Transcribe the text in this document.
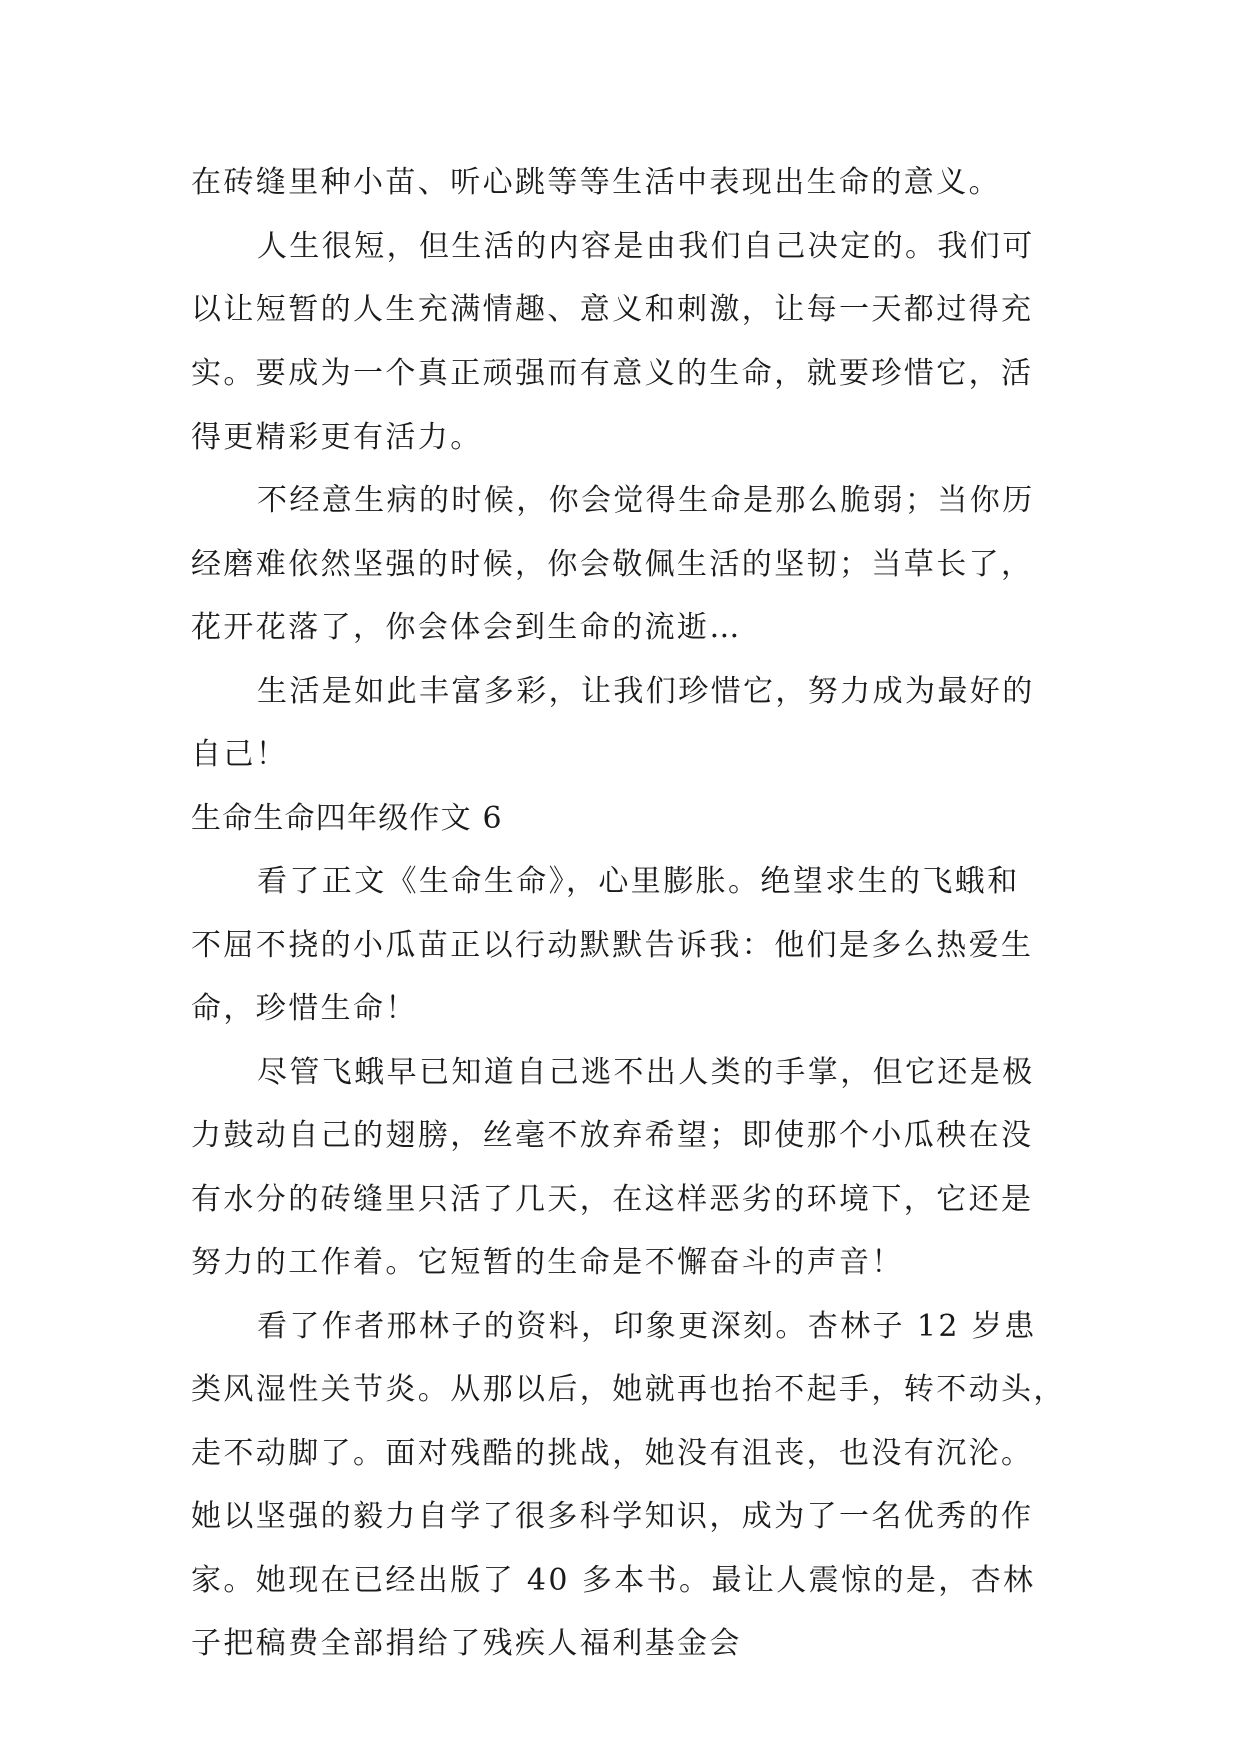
在砖缝里种小苗、听心跳等等生活中表现出生命的意义。
人生很短，但生活的内容是由我们自己决定的。我们可
以让短暂的人生充满情趣、意义和刺激，让每一天都过得充
实。要成为一个真正顽强而有意义的生命，就要珍惜它，活
得更精彩更有活力。
不经意生病的时候，你会觉得生命是那么脆弱；当你历
经磨难依然坚强的时候，你会敬佩生活的坚韧；当草长了，
花开花落了，你会体会到生命的流逝…
生活是如此丰富多彩，让我们珍惜它，努力成为最好的
自己！
生命生命四年级作文 6
看了正文《生命生命》，心里膨胀。绝望求生的飞蛾和
不屈不挠的小瓜苗正以行动默默告诉我：他们是多么热爱生
命，珍惜生命！
尽管飞蛾早已知道自己逃不出人类的手掌，但它还是极
力鼓动自己的翅膀，丝毫不放弃希望；即使那个小瓜秧在没
有水分的砖缝里只活了几天，在这样恶劣的环境下，它还是
努力的工作着。它短暂的生命是不懈奋斗的声音！
看了作者邢林子的资料，印象更深刻。杏林子 12 岁患
类风湿性关节炎。从那以后，她就再也抬不起手，转不动头，
走不动脚了。面对残酷的挑战，她没有沮丧，也没有沉沦。
她以坚强的毅力自学了很多科学知识，成为了一名优秀的作
家。她现在已经出版了 40 多本书。最让人震惊的是，杏林
子把稿费全部捐给了残疾人福利基金会
